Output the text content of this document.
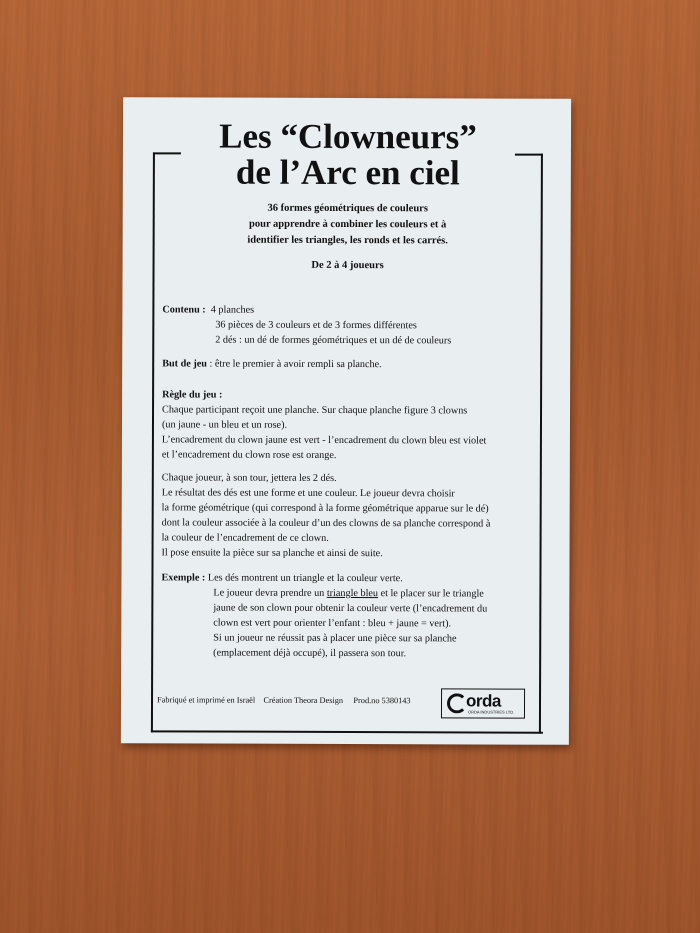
Les “Clowneurs”
de l’Arc en ciel
36 formes géométriques de couleurs
pour apprendre à combiner les couleurs et à
identifier les triangles, les ronds et les carrés.
De 2 à 4 joueurs
Contenu : 4 planches
36 pièces de 3 couleurs et de 3 formes différentes
2 dés : un dé de formes géométriques et un dé de couleurs
But de jeu : être le premier à avoir rempli sa planche.
Règle du jeu :
Chaque participant reçoit une planche. Sur chaque planche figure 3 clowns
(un jaune - un bleu et un rose).
L’encadrement du clown jaune est vert - l’encadrement du clown bleu est violet
et l’encadrement du clown rose est orange.
Chaque joueur, à son tour, jettera les 2 dés.
Le résultat des dés est une forme et une couleur. Le joueur devra choisir
la forme géométrique (qui correspond à la forme géométrique apparue sur le dé)
dont la couleur associée à la couleur d’un des clowns de sa planche correspond à
la couleur de l’encadrement de ce clown.
Il pose ensuite la pièce sur sa planche et ainsi de suite.
Exemple : Les dés montrent un triangle et la couleur verte.
Le joueur devra prendre un triangle bleu et le placer sur le triangle
jaune de son clown pour obtenir la couleur verte (l’encadrement du
clown est vert pour orienter l’enfant : bleu + jaune = vert).
Si un joueur ne réussit pas à placer une pièce sur sa planche
(emplacement déjà occupé), il passera son tour.
Fabriqué et imprimé en Israël Création Theora Design Prod.no 5380143	orda
ORDA INDUSTRIES LTD.
